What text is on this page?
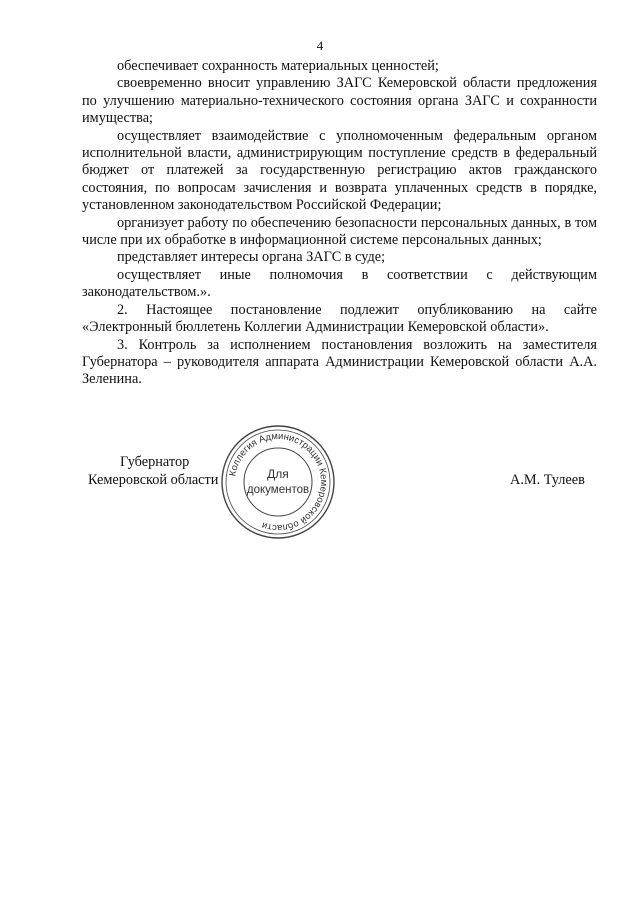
4

обеспечивает сохранность материальных ценностей;

своевременно вносит управлению ЗАГС Кемеровской области предложения по улучшению материально-технического состояния органа ЗАГС и сохранности имущества;

осуществляет взаимодействие с уполномоченным федеральным органом исполнительной власти, администрирующим поступление средств в федеральный бюджет от платежей за государственную регистрацию актов гражданского состояния, по вопросам зачисления и возврата уплаченных средств в порядке, установленном законодательством Российской Федерации;

организует работу по обеспечению безопасности персональных данных, в том числе при их обработке в информационной системе персональных данных;

представляет интересы органа ЗАГС в суде;

осуществляет иные полномочия в соответствии с действующим законодательством.».

2. Настоящее постановление подлежит опубликованию на сайте «Электронный бюллетень Коллегии Администрации Кемеровской области».

3. Контроль за исполнением постановления возложить на заместителя Губернатора – руководителя аппарата Администрации Кемеровской области А.А. Зеленина.

Губернатор
Кемеровской области	А.М. Тулеев
Коллегия Администрации Кемеровской области
Для
документов
